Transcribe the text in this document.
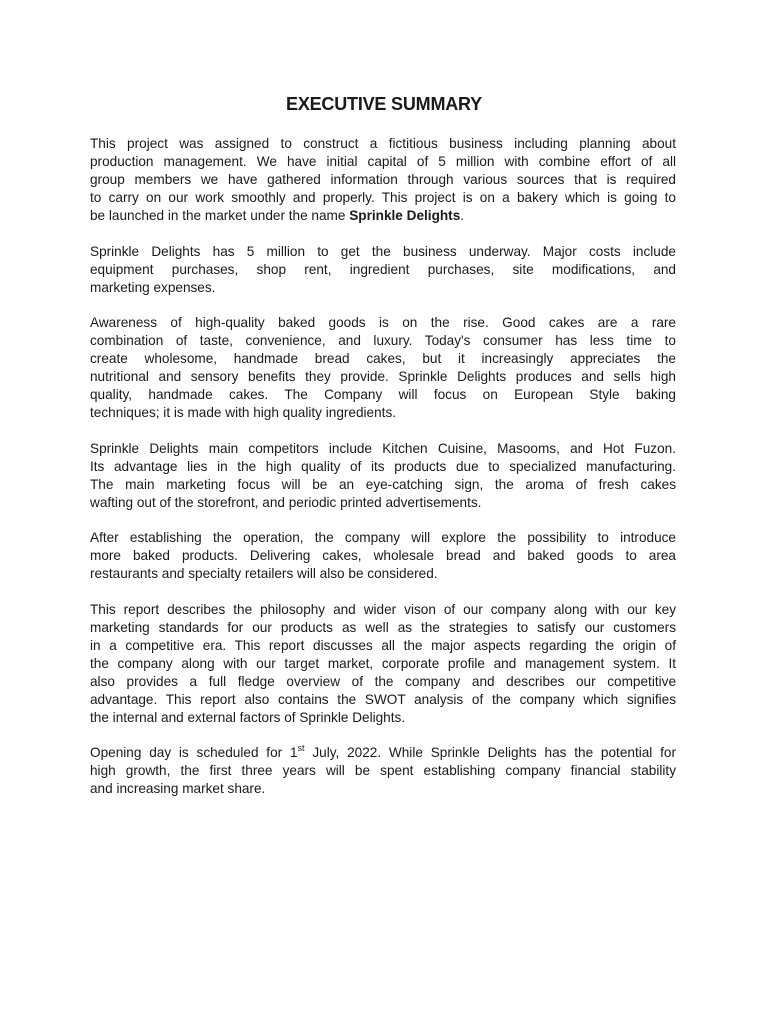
EXECUTIVE SUMMARY
This project was assigned to construct a fictitious business including planning about
production management. We have initial capital of 5 million with combine effort of all
group members we have gathered information through various sources that is required
to carry on our work smoothly and properly. This project is on a bakery which is going to
be launched in the market under the name Sprinkle Delights.
Sprinkle Delights has 5 million to get the business underway. Major costs include
equipment purchases, shop rent, ingredient purchases, site modifications, and
marketing expenses.
Awareness of high-quality baked goods is on the rise. Good cakes are a rare
combination of taste, convenience, and luxury. Today's consumer has less time to
create wholesome, handmade bread cakes, but it increasingly appreciates the
nutritional and sensory benefits they provide. Sprinkle Delights produces and sells high
quality, handmade cakes. The Company will focus on European Style baking
techniques; it is made with high quality ingredients.
Sprinkle Delights main competitors include Kitchen Cuisine, Masooms, and Hot Fuzon.
Its advantage lies in the high quality of its products due to specialized manufacturing.
The main marketing focus will be an eye-catching sign, the aroma of fresh cakes
wafting out of the storefront, and periodic printed advertisements.
After establishing the operation, the company will explore the possibility to introduce
more baked products. Delivering cakes, wholesale bread and baked goods to area
restaurants and specialty retailers will also be considered.
This report describes the philosophy and wider vison of our company along with our key
marketing standards for our products as well as the strategies to satisfy our customers
in a competitive era. This report discusses all the major aspects regarding the origin of
the company along with our target market, corporate profile and management system. It
also provides a full fledge overview of the company and describes our competitive
advantage. This report also contains the SWOT analysis of the company which signifies
the internal and external factors of Sprinkle Delights.
Opening day is scheduled for 1st July, 2022. While Sprinkle Delights has the potential for
high growth, the first three years will be spent establishing company financial stability
and increasing market share.
